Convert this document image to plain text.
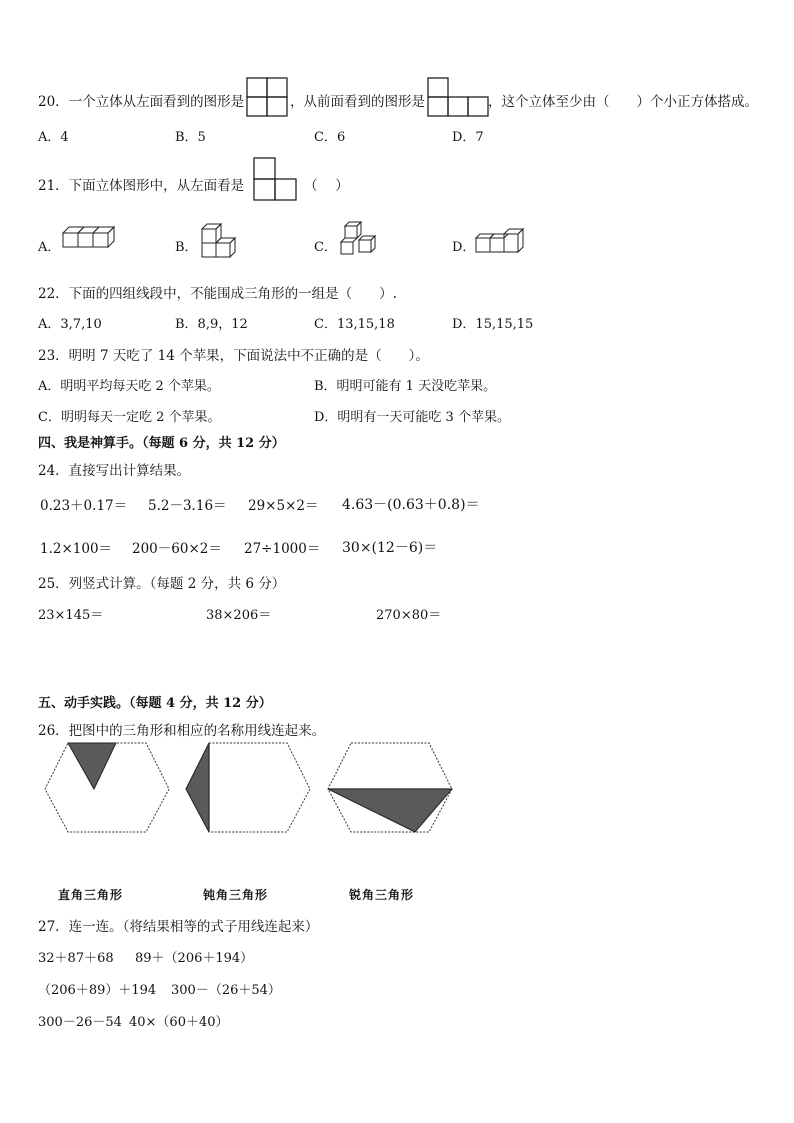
20．一个立体从左面看到的图形是	，从前面看到的图形是	，这个立体至少由（　　）个小正方体搭成。
A．4	B．5	C．6	D．7
21．下面立体图形中，从左面看是	（　 ）
A．	B．	C．	D．
22．下面的四组线段中，不能围成三角形的一组是（　　）.
A．3,7,10	B．8,9，12	C．13,15,18	D．15,15,15
23．明明 7 天吃了 14 个苹果，下面说法中不正确的是（　　）。
A．明明平均每天吃 2 个苹果。	B．明明可能有 1 天没吃苹果。
C．明明每天一定吃 2 个苹果。	D．明明有一天可能吃 3 个苹果。
四、我是神算手。（每题 6 分，共 12 分）
24．直接写出计算结果。
0.23＋0.17＝ 5.2－3.16＝ 29×5×2＝ 4.63－(0.63＋0.8)＝
1.2×100＝ 200－60×2＝ 27÷1000＝ 30×(12－6)＝
25．列竖式计算。（每题 2 分，共 6 分）
23×145＝	38×206＝	270×80＝
五、动手实践。（每题 4 分，共 12 分）
26．把图中的三角形和相应的名称用线连起来。
直角三角形	钝角三角形	锐角三角形
27．连一连。（将结果相等的式子用线连起来）
32＋87＋68 89＋（206＋194）
（206＋89）＋194 300－（26＋54）
300－26－54 40×（60＋40）
